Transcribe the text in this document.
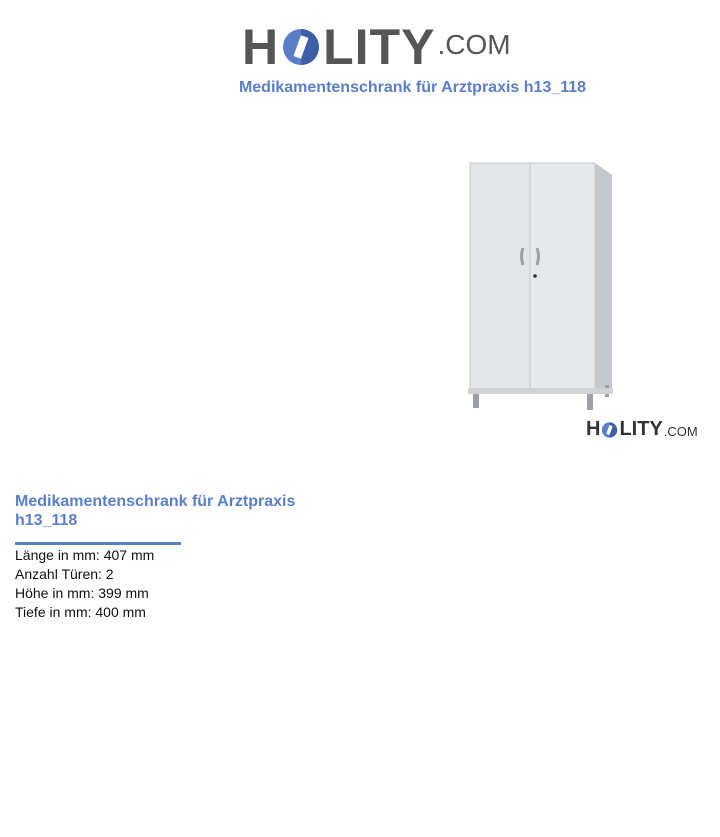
H LITY .COM
Medikamentenschrank für Arztpraxis h13_118
H LITY .COM
Medikamentenschrank für Arztpraxis h13_118
Länge in mm: 407 mm
Anzahl Türen: 2
Höhe in mm: 399 mm
Tiefe in mm: 400 mm
